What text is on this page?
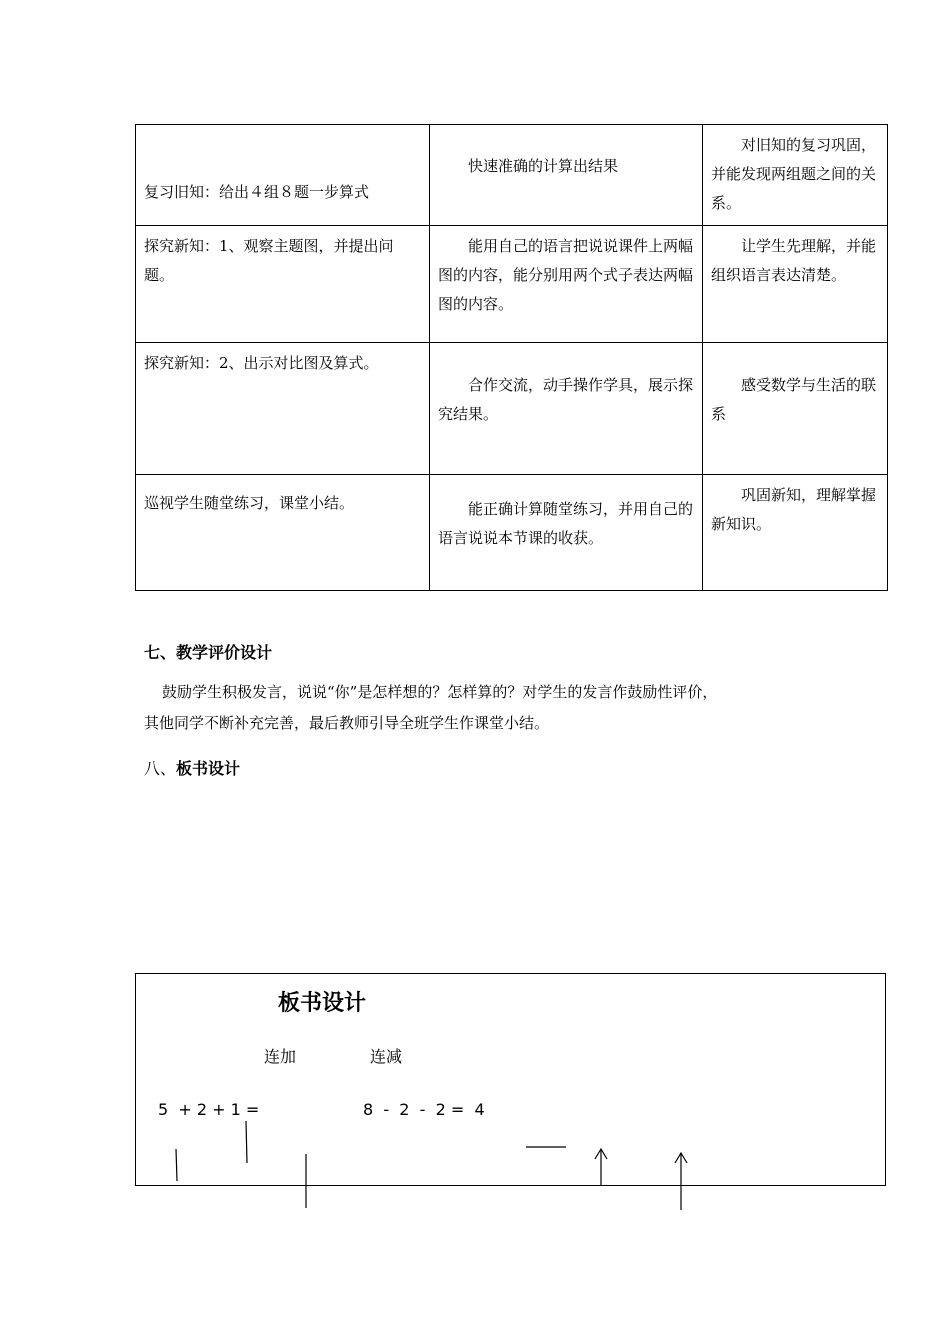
复习旧知：给出４组８题一步算式	快速准确的计算出结果	对旧知的复习巩固，并能发现两组题之间的关系。

探究新知：1、观察主题图，并提出问题。	能用自己的语言把说说课件上两幅图的内容，能分别用两个式子表达两幅图的内容。	让学生先理解，并能组织语言表达清楚。

探究新知：2、出示对比图及算式。	合作交流，动手操作学具，展示探究结果。	感受数学与生活的联系

巡视学生随堂练习，课堂小结。	能正确计算随堂练习，并用自己的语言说说本节课的收获。	巩固新知，理解掌握新知识。
七、教学评价设计
鼓励学生积极发言，说说“你”是怎样想的？怎样算的？对学生的发言作鼓励性评价，
其他同学不断补充完善，最后教师引导全班学生作课堂小结。
八、板书设计
板书设计
连加	连减
5  + 2 + 1 =	8  -  2  -  2 =  4
